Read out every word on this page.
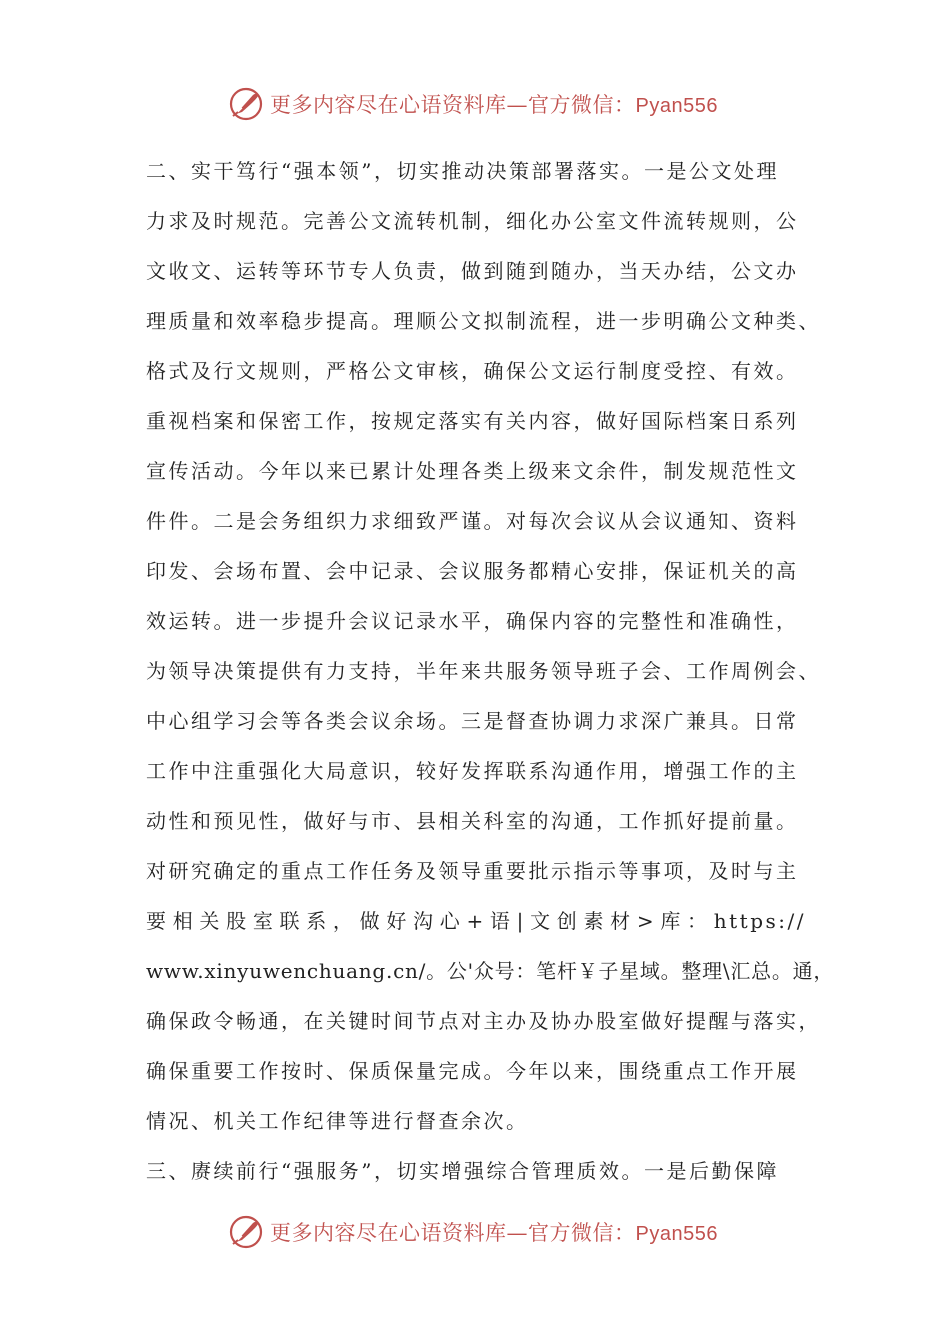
更多内容尽在心语资料库—官方微信：Pyan556
二、实干笃行“强本领”，切实推动决策部署落实。一是公文处理
力求及时规范。完善公文流转机制，细化办公室文件流转规则，公
文收文、运转等环节专人负责，做到随到随办，当天办结，公文办
理质量和效率稳步提高。理顺公文拟制流程，进一步明确公文种类、
格式及行文规则，严格公文审核，确保公文运行制度受控、有效。
重视档案和保密工作，按规定落实有关内容，做好国际档案日系列
宣传活动。今年以来已累计处理各类上级来文余件，制发规范性文
件件。二是会务组织力求细致严谨。对每次会议从会议通知、资料
印发、会场布置、会中记录、会议服务都精心安排，保证机关的高
效运转。进一步提升会议记录水平，确保内容的完整性和准确性，
为领导决策提供有力支持，半年来共服务领导班子会、工作周例会、
中心组学习会等各类会议余场。三是督查协调力求深广兼具。日常
工作中注重强化大局意识，较好发挥联系沟通作用，增强工作的主
动性和预见性，做好与市、县相关科室的沟通，工作抓好提前量。
对研究确定的重点工作任务及领导重要批示指示等事项，及时与主
要相关股室联系，做好沟心+语|文创素材>库：https://
www.xinyuwenchuang.cn/。公'众号：笔杆￥子星域。整理\汇总。通，
确保政令畅通，在关键时间节点对主办及协办股室做好提醒与落实，
确保重要工作按时、保质保量完成。今年以来，围绕重点工作开展
情况、机关工作纪律等进行督查余次。
三、赓续前行“强服务”，切实增强综合管理质效。一是后勤保障
更多内容尽在心语资料库—官方微信：Pyan556
